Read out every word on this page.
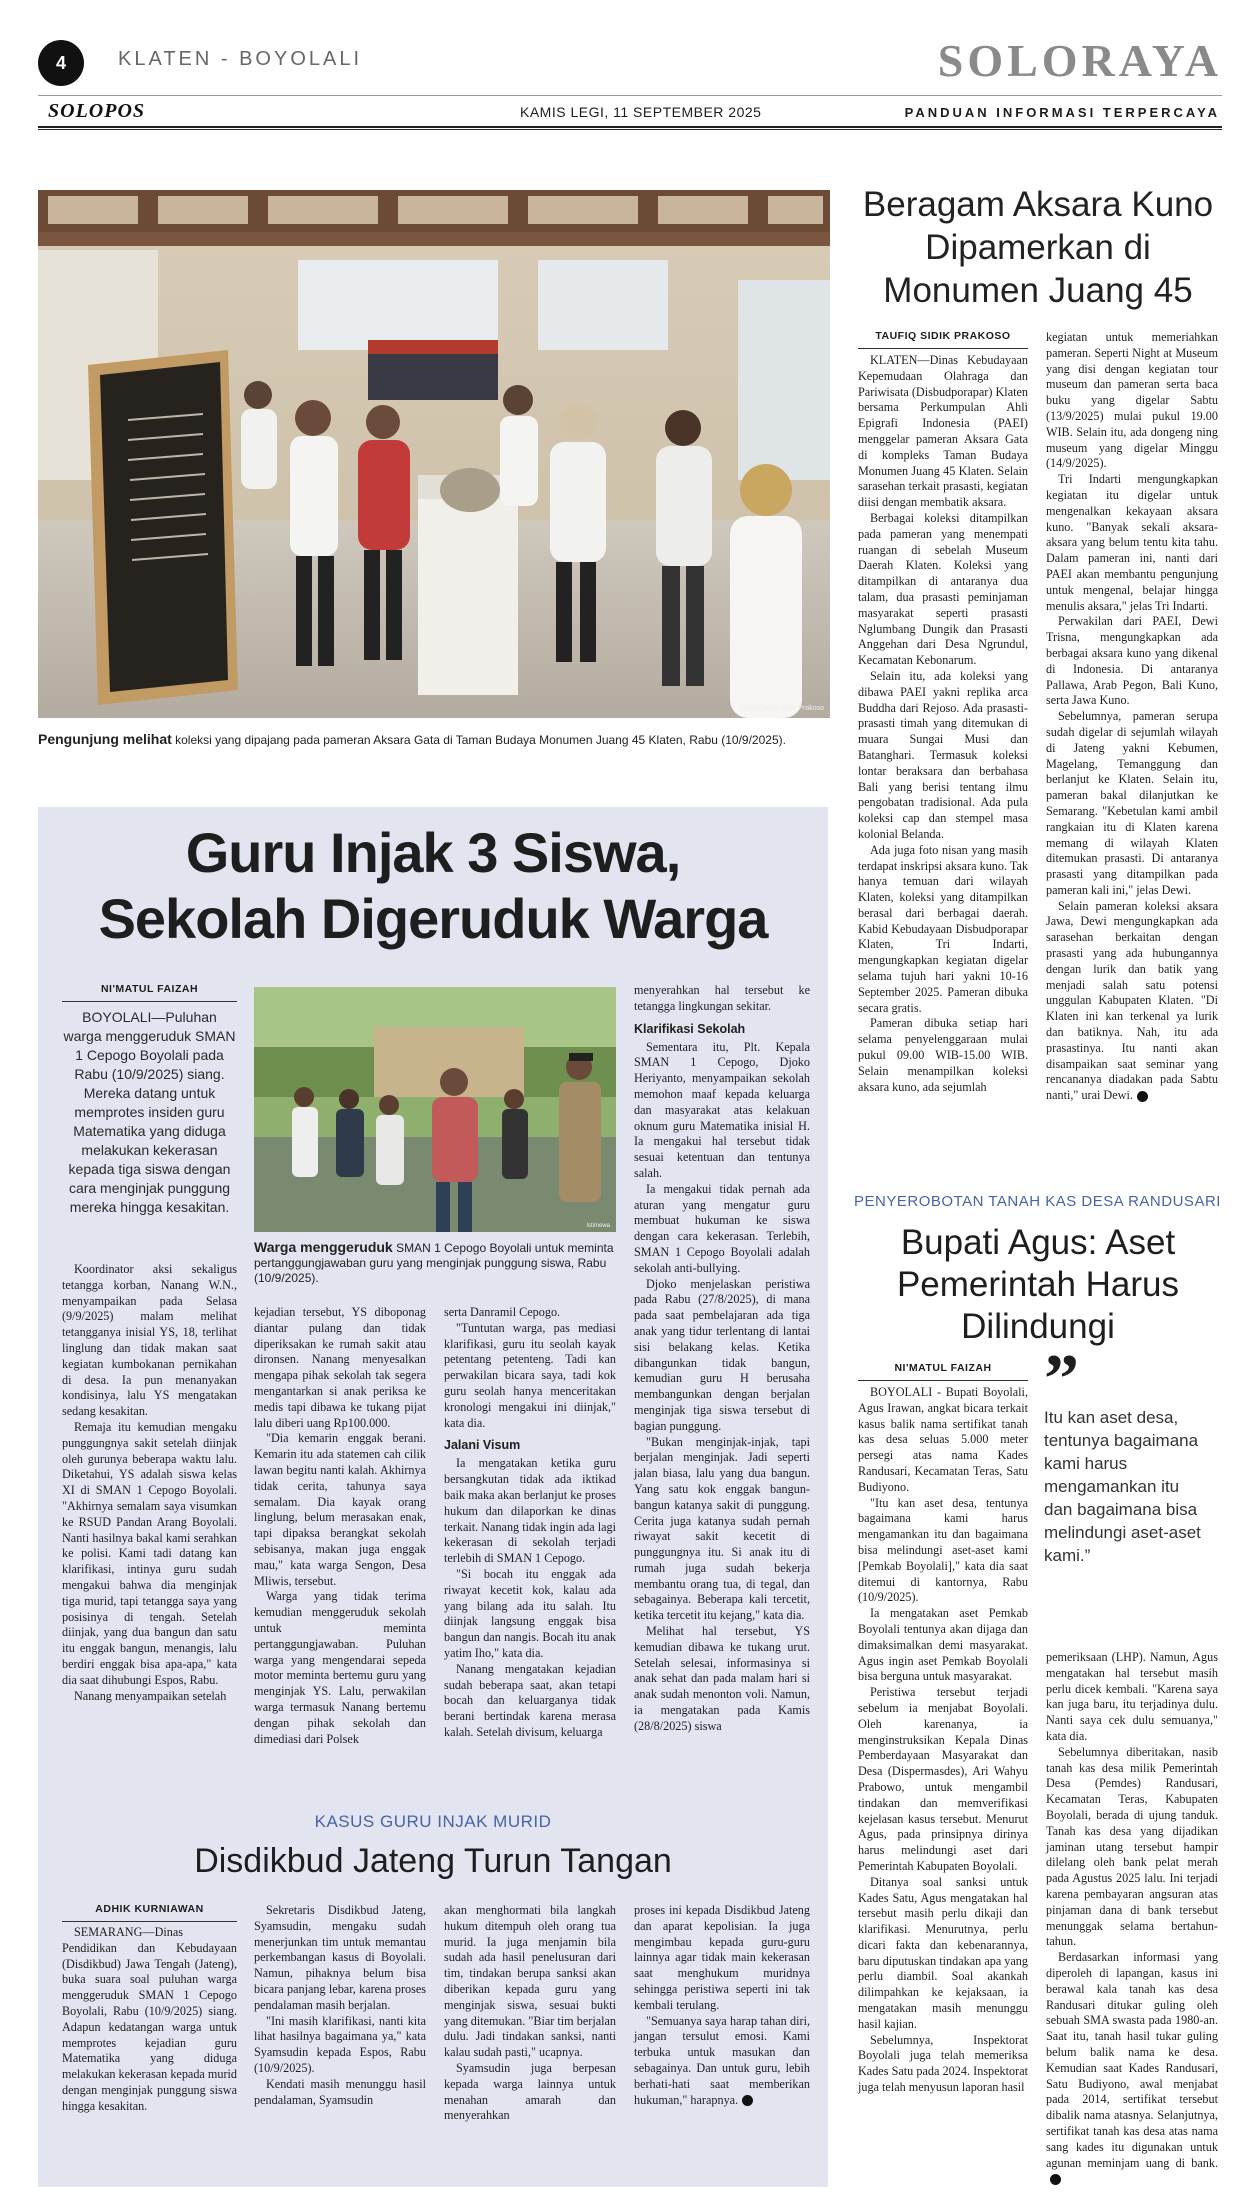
4	KLATEN - BOYOLALI	SOLORAYA
SOLOPOS	KAMIS LEGI, 11 SEPTEMBER 2025	PANDUAN INFORMASI TERPERCAYA
Espos/Taufiq Sidik Prakoso
Pengunjung melihat koleksi yang dipajang pada pameran Aksara Gata di Taman Budaya Monumen Juang 45 Klaten, Rabu (10/9/2025).
Beragam Aksara Kuno Dipamerkan di Monumen Juang 45
TAUFIQ SIDIK PRAKOSO

KLATEN—Dinas Kebudayaan Kepemudaan Olahraga dan Pariwisata (Disbudporapar) Klaten bersama Perkumpulan Ahli Epigrafi Indonesia (PAEI) menggelar pameran Aksara Gata di kompleks Taman Budaya Monumen Juang 45 Klaten. Selain sarasehan terkait prasasti, kegiatan diisi dengan membatik aksara.

Berbagai koleksi ditampilkan pada pameran yang menempati ruangan di sebelah Museum Daerah Klaten. Koleksi yang ditampilkan di antaranya dua talam, dua prasasti peminjaman masyarakat seperti prasasti Nglumbang Dungik dan Prasasti Anggehan dari Desa Ngrundul, Kecamatan Kebonarum.

Selain itu, ada koleksi yang dibawa PAEI yakni replika arca Buddha dari Rejoso. Ada prasasti-prasasti timah yang ditemukan di muara Sungai Musi dan Batanghari. Termasuk koleksi lontar beraksara dan berbahasa Bali yang berisi tentang ilmu pengobatan tradisional. Ada pula koleksi cap dan stempel masa kolonial Belanda.

Ada juga foto nisan yang masih terdapat inskripsi aksara kuno. Tak hanya temuan dari wilayah Klaten, koleksi yang ditampilkan berasal dari berbagai daerah. Kabid Kebudayaan Disbudporapar Klaten, Tri Indarti, mengungkapkan kegiatan digelar selama tujuh hari yakni 10-16 September 2025. Pameran dibuka secara gratis.

Pameran dibuka setiap hari selama penyelenggaraan mulai pukul 09.00 WIB-15.00 WIB. Selain menampilkan koleksi aksara kuno, ada sejumlah

kegiatan untuk memeriahkan pameran. Seperti Night at Museum yang disi dengan kegiatan tour museum dan pameran serta baca buku yang digelar Sabtu (13/9/2025) mulai pukul 19.00 WIB. Selain itu, ada dongeng ning museum yang digelar Minggu (14/9/2025).

Tri Indarti mengungkapkan kegiatan itu digelar untuk mengenalkan kekayaan aksara kuno. "Banyak sekali aksara-aksara yang belum tentu kita tahu. Dalam pameran ini, nanti dari PAEI akan membantu pengunjung untuk mengenal, belajar hingga menulis aksara," jelas Tri Indarti.

Perwakilan dari PAEI, Dewi Trisna, mengungkapkan ada berbagai aksara kuno yang dikenal di Indonesia. Di antaranya Pallawa, Arab Pegon, Bali Kuno, serta Jawa Kuno.

Sebelumnya, pameran serupa sudah digelar di sejumlah wilayah di Jateng yakni Kebumen, Magelang, Temanggung dan berlanjut ke Klaten. Selain itu, pameran bakal dilanjutkan ke Semarang. "Kebetulan kami ambil rangkaian itu di Klaten karena memang di wilayah Klaten ditemukan prasasti. Di antaranya prasasti yang ditampilkan pada pameran kali ini," jelas Dewi.

Selain pameran koleksi aksara Jawa, Dewi mengungkapkan ada sarasehan berkaitan dengan prasasti yang ada hubungannya dengan lurik dan batik yang menjadi salah satu potensi unggulan Kabupaten Klaten. "Di Klaten ini kan terkenal ya lurik dan batiknya. Nah, itu ada prasastinya. Itu nanti akan disampaikan saat seminar yang rencananya diadakan pada Sabtu nanti," urai Dewi.

Guru Injak 3 Siswa,
Sekolah Digeruduk Warga
NI'MATUL FAIZAH
BOYOLALI—Puluhan warga menggeruduk SMAN 1 Cepogo Boyolali pada Rabu (10/9/2025) siang. Mereka datang untuk memprotes insiden guru Matematika yang diduga melakukan kekerasan kepada tiga siswa dengan cara menginjak punggung mereka hingga kesakitan.
Istimewa
Warga menggeruduk SMAN 1 Cepogo Boyolali untuk meminta pertanggungjawaban guru yang menginjak punggung siswa, Rabu (10/9/2025).

Koordinator aksi sekaligus tetangga korban, Nanang W.N., menyampaikan pada Selasa (9/9/2025) malam melihat tetangganya inisial YS, 18, terlihat linglung dan tidak makan saat kegiatan kumbokanan pernikahan di desa. Ia pun menanyakan kondisinya, lalu YS mengatakan sedang kesakitan.

Remaja itu kemudian mengaku punggungnya sakit setelah diinjak oleh gurunya beberapa waktu lalu. Diketahui, YS adalah siswa kelas XI di SMAN 1 Cepogo Boyolali. "Akhirnya semalam saya visumkan ke RSUD Pandan Arang Boyolali. Nanti hasilnya bakal kami serahkan ke polisi. Kami tadi datang kan klarifikasi, intinya guru sudah mengakui bahwa dia menginjak tiga murid, tapi tetangga saya yang posisinya di tengah. Setelah diinjak, yang dua bangun dan satu itu enggak bangun, menangis, lalu berdiri enggak bisa apa-apa," kata dia saat dihubungi Espos, Rabu.

Nanang menyampaikan setelah

kejadian tersebut, YS diboponag diantar pulang dan tidak diperiksakan ke rumah sakit atau dironsen. Nanang menyesalkan mengapa pihak sekolah tak segera mengantarkan si anak periksa ke medis tapi dibawa ke tukang pijat lalu diberi uang Rp100.000.

"Dia kemarin enggak berani. Kemarin itu ada statemen cah cilik lawan begitu nanti kalah. Akhirnya tidak cerita, tahunya saya semalam. Dia kayak orang linglung, belum merasakan enak, tapi dipaksa berangkat sekolah sebisanya, makan juga enggak mau," kata warga Sengon, Desa Mliwis, tersebut.

Warga yang tidak terima kemudian menggeruduk sekolah untuk meminta pertanggungjawaban. Puluhan warga yang mengendarai sepeda motor meminta bertemu guru yang menginjak YS. Lalu, perwakilan warga termasuk Nanang bertemu dengan pihak sekolah dan dimediasi dari Polsek

serta Danramil Cepogo.

"Tuntutan warga, pas mediasi klarifikasi, guru itu seolah kayak petentang petenteng. Tadi kan perwakilan bicara saya, tadi kok guru seolah hanya menceritakan kronologi mengakui ini diinjak," kata dia.

Jalani Visum

Ia mengatakan ketika guru bersangkutan tidak ada iktikad baik maka akan berlanjut ke proses hukum dan dilaporkan ke dinas terkait. Nanang tidak ingin ada lagi kekerasan di sekolah terjadi terlebih di SMAN 1 Cepogo.

"Si bocah itu enggak ada riwayat kecetit kok, kalau ada yang bilang ada itu salah. Itu diinjak langsung enggak bisa bangun dan nangis. Bocah itu anak yatim Iho," kata dia.

Nanang mengatakan kejadian sudah beberapa saat, akan tetapi bocah dan keluarganya tidak berani bertindak karena merasa kalah. Setelah divisum, keluarga

menyerahkan hal tersebut ke tetangga lingkungan sekitar.

Klarifikasi Sekolah

Sementara itu, Plt. Kepala SMAN 1 Cepogo, Djoko Heriyanto, menyampaikan sekolah memohon maaf kepada keluarga dan masyarakat atas kelakuan oknum guru Matematika inisial H. Ia mengakui hal tersebut tidak sesuai ketentuan dan tentunya salah.

Ia mengakui tidak pernah ada aturan yang mengatur guru membuat hukuman ke siswa dengan cara kekerasan. Terlebih, SMAN 1 Cepogo Boyolali adalah sekolah anti-bullying.

Djoko menjelaskan peristiwa pada Rabu (27/8/2025), di mana pada saat pembelajaran ada tiga anak yang tidur terlentang di lantai sisi belakang kelas. Ketika dibangunkan tidak bangun, kemudian guru H berusaha membangunkan dengan berjalan menginjak tiga siswa tersebut di bagian punggung.

"Bukan menginjak-injak, tapi berjalan menginjak. Jadi seperti jalan biasa, lalu yang dua bangun. Yang satu kok enggak bangun-bangun katanya sakit di punggung. Cerita juga katanya sudah pernah riwayat sakit kecetit di punggungnya itu. Si anak itu di rumah juga sudah bekerja membantu orang tua, di tegal, dan sebagainya. Beberapa kali tercetit, ketika tercetit itu kejang," kata dia.

Melihat hal tersebut, YS kemudian dibawa ke tukang urut. Setelah selesai, informasinya si anak sehat dan pada malam hari si anak sudah menonton voli. Namun, ia mengatakan pada Kamis (28/8/2025) siswa

KASUS GURU INJAK MURID
Disdikbud Jateng Turun Tangan
ADHIK KURNIAWAN

SEMARANG—Dinas Pendidikan dan Kebudayaan (Disdikbud) Jawa Tengah (Jateng), buka suara soal puluhan warga menggeruduk SMAN 1 Cepogo Boyolali, Rabu (10/9/2025) siang. Adapun kedatangan warga untuk memprotes kejadian guru Matematika yang diduga melakukan kekerasan kepada murid dengan menginjak punggung siswa hingga kesakitan.

Sekretaris Disdikbud Jateng, Syamsudin, mengaku sudah menerjunkan tim untuk memantau perkembangan kasus di Boyolali. Namun, pihaknya belum bisa bicara panjang lebar, karena proses pendalaman masih berjalan.

"Ini masih klarifikasi, nanti kita lihat hasilnya bagaimana ya," kata Syamsudin kepada Espos, Rabu (10/9/2025).

Kendati masih menunggu hasil pendalaman, Syamsudin

akan menghormati bila langkah hukum ditempuh oleh orang tua murid. Ia juga menjamin bila sudah ada hasil penelusuran dari tim, tindakan berupa sanksi akan diberikan kepada guru yang menginjak siswa, sesuai bukti yang ditemukan. "Biar tim berjalan dulu. Jadi tindakan sanksi, nanti kalau sudah pasti," ucapnya.

Syamsudin juga berpesan kepada warga lainnya untuk menahan amarah dan menyerahkan

proses ini kepada Disdikbud Jateng dan aparat kepolisian. Ia juga mengimbau kepada guru-guru lainnya agar tidak main kekerasan saat menghukum muridnya sehingga peristiwa seperti ini tak kembali terulang.

"Semuanya saya harap tahan diri, jangan tersulut emosi. Kami terbuka untuk masukan dan sebagainya. Dan untuk guru, lebih berhati-hati saat memberikan hukuman," harapnya.

PENYEROBOTAN TANAH KAS DESA RANDUSARI
Bupati Agus: Aset Pemerintah Harus Dilindungi
NI'MATUL FAIZAH ”
Itu kan aset desa, tentunya bagaimana kami harus mengamankan itu dan bagaimana bisa melindungi aset-aset kami.”

BOYOLALI - Bupati Boyolali, Agus Irawan, angkat bicara terkait kasus balik nama sertifikat tanah kas desa seluas 5.000 meter persegi atas nama Kades Randusari, Kecamatan Teras, Satu Budiyono.

"Itu kan aset desa, tentunya bagaimana kami harus mengamankan itu dan bagaimana bisa melindungi aset-aset kami [Pemkab Boyolali]," kata dia saat ditemui di kantornya, Rabu (10/9/2025).

Ia mengatakan aset Pemkab Boyolali tentunya akan dijaga dan dimaksimalkan demi masyarakat. Agus ingin aset Pemkab Boyolali bisa berguna untuk masyarakat.

Peristiwa tersebut terjadi sebelum ia menjabat Boyolali. Oleh karenanya, ia menginstruksikan Kepala Dinas Pemberdayaan Masyarakat dan Desa (Dispermasdes), Ari Wahyu Prabowo, untuk mengambil tindakan dan memverifikasi kejelasan kasus tersebut. Menurut Agus, pada prinsipnya dirinya harus melindungi aset dari Pemerintah Kabupaten Boyolali.

Ditanya soal sanksi untuk Kades Satu, Agus mengatakan hal tersebut masih perlu dikaji dan klarifikasi. Menurutnya, perlu dicari fakta dan kebenarannya, baru diputuskan tindakan apa yang perlu diambil. Soal akankah dilimpahkan ke kejaksaan, ia mengatakan masih menunggu hasil kajian.

Sebelumnya, Inspektorat Boyolali juga telah memeriksa Kades Satu pada 2024. Inspektorat juga telah menyusun laporan hasil

pemeriksaan (LHP). Namun, Agus mengatakan hal tersebut masih perlu dicek kembali. "Karena saya kan juga baru, itu terjadinya dulu. Nanti saya cek dulu semuanya," kata dia.

Sebelumnya diberitakan, nasib tanah kas desa milik Pemerintah Desa (Pemdes) Randusari, Kecamatan Teras, Kabupaten Boyolali, berada di ujung tanduk. Tanah kas desa yang dijadikan jaminan utang tersebut hampir dilelang oleh bank pelat merah pada Agustus 2025 lalu. Ini terjadi karena pembayaran angsuran atas pinjaman dana di bank tersebut menunggak selama bertahun-tahun.

Berdasarkan informasi yang diperoleh di lapangan, kasus ini berawal kala tanah kas desa Randusari ditukar guling oleh sebuah SMA swasta pada 1980-an. Saat itu, tanah hasil tukar guling belum balik nama ke desa. Kemudian saat Kades Randusari, Satu Budiyono, awal menjabat pada 2014, sertifikat tersebut dibalik nama atasnya. Selanjutnya, sertifikat tanah kas desa atas nama sang kades itu digunakan untuk agunan meminjam uang di bank.
